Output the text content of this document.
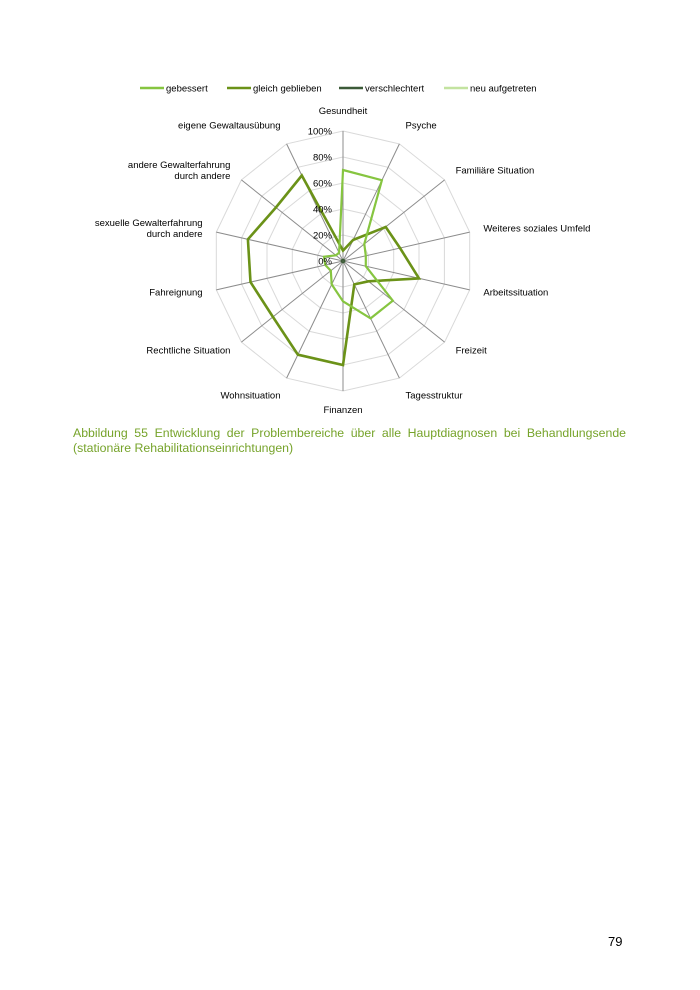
0%
20%
40%
60%
80%
100%
Gesundheit
Psyche
Familiäre Situation
Weiteres soziales Umfeld
Arbeitssituation
Freizeit
Tagesstruktur
Finanzen
Wohnsituation
Rechtliche Situation
Fahreignung
sexuelle Gewalterfahrung durch andere
andere Gewalterfahrung durch andere
eigene Gewaltausübung
gebessert	gleich geblieben	verschlechtert	neu aufgetreten
Abbildung 55 Entwicklung der Problembereiche über alle Hauptdiagnosen bei Behandlungsende
(stationäre Rehabilitationseinrichtungen)
79
